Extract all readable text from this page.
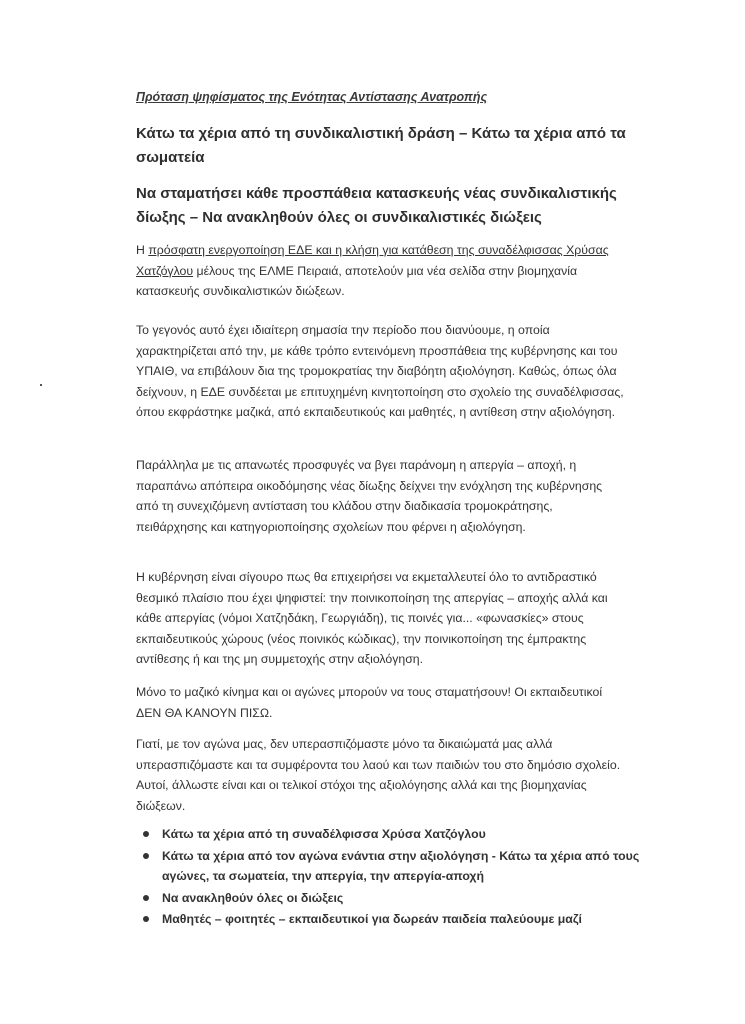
Πρόταση ψηφίσματος της Ενότητας Αντίστασης Ανατροπής
Κάτω τα χέρια από τη συνδικαλιστική δράση – Κάτω τα χέρια από τα σωματεία
Να σταματήσει κάθε προσπάθεια κατασκευής νέας συνδικαλιστικής δίωξης – Να ανακληθούν όλες οι συνδικαλιστικές διώξεις
Η πρόσφατη ενεργοποίηση ΕΔΕ και η κλήση για κατάθεση της συναδέλφισσας Χρύσας Χατζόγλου μέλους της ΕΛΜΕ Πειραιά, αποτελούν μια νέα σελίδα στην βιομηχανία κατασκευής συνδικαλιστικών διώξεων.
Το γεγονός αυτό έχει ιδιαίτερη σημασία την περίοδο που διανύουμε, η οποία χαρακτηρίζεται από την, με κάθε τρόπο εντεινόμενη προσπάθεια της κυβέρνησης και του ΥΠΑΙΘ, να επιβάλουν δια της τρομοκρατίας την διαβόητη αξιολόγηση. Καθώς, όπως όλα δείχνουν, η ΕΔΕ συνδέεται με επιτυχημένη κινητοποίηση στο σχολείο της συναδέλφισσας, όπου εκφράστηκε μαζικά, από εκπαιδευτικούς και μαθητές, η αντίθεση στην αξιολόγηση.
Παράλληλα με τις απανωτές προσφυγές να βγει παράνομη η απεργία – αποχή, η παραπάνω απόπειρα οικοδόμησης νέας δίωξης δείχνει την ενόχληση της κυβέρνησης από τη συνεχιζόμενη αντίσταση του κλάδου στην διαδικασία τρομοκράτησης, πειθάρχησης και κατηγοριοποίησης σχολείων που φέρνει η αξιολόγηση.
Η κυβέρνηση είναι σίγουρο πως θα επιχειρήσει να εκμεταλλευτεί όλο το αντιδραστικό θεσμικό πλαίσιο που έχει ψηφιστεί: την ποινικοποίηση της απεργίας – αποχής αλλά και κάθε απεργίας (νόμοι Χατζηδάκη, Γεωργιάδη), τις ποινές για... «φωνασκίες» στους εκπαιδευτικούς χώρους (νέος ποινικός κώδικας), την ποινικοποίηση της έμπρακτης αντίθεσης ή και της μη συμμετοχής στην αξιολόγηση.
Μόνο το μαζικό κίνημα και οι αγώνες μπορούν να τους σταματήσουν! Οι εκπαιδευτικοί ΔΕΝ ΘΑ ΚΑΝΟΥΝ ΠΙΣΩ.
Γιατί, με τον αγώνα μας, δεν υπερασπιζόμαστε μόνο τα δικαιώματά μας αλλά υπερασπιζόμαστε και τα συμφέροντα του λαού και των παιδιών του στο δημόσιο σχολείο. Αυτοί, άλλωστε είναι και οι τελικοί στόχοι της αξιολόγησης αλλά και της βιομηχανίας διώξεων.
Κάτω τα χέρια από τη συναδέλφισσα Χρύσα Χατζόγλου
Κάτω τα χέρια από τον αγώνα ενάντια στην αξιολόγηση - Κάτω τα χέρια από τους αγώνες, τα σωματεία, την απεργία, την απεργία-αποχή
Να ανακληθούν όλες οι διώξεις
Μαθητές – φοιτητές – εκπαιδευτικοί για δωρεάν παιδεία παλεύουμε μαζί
